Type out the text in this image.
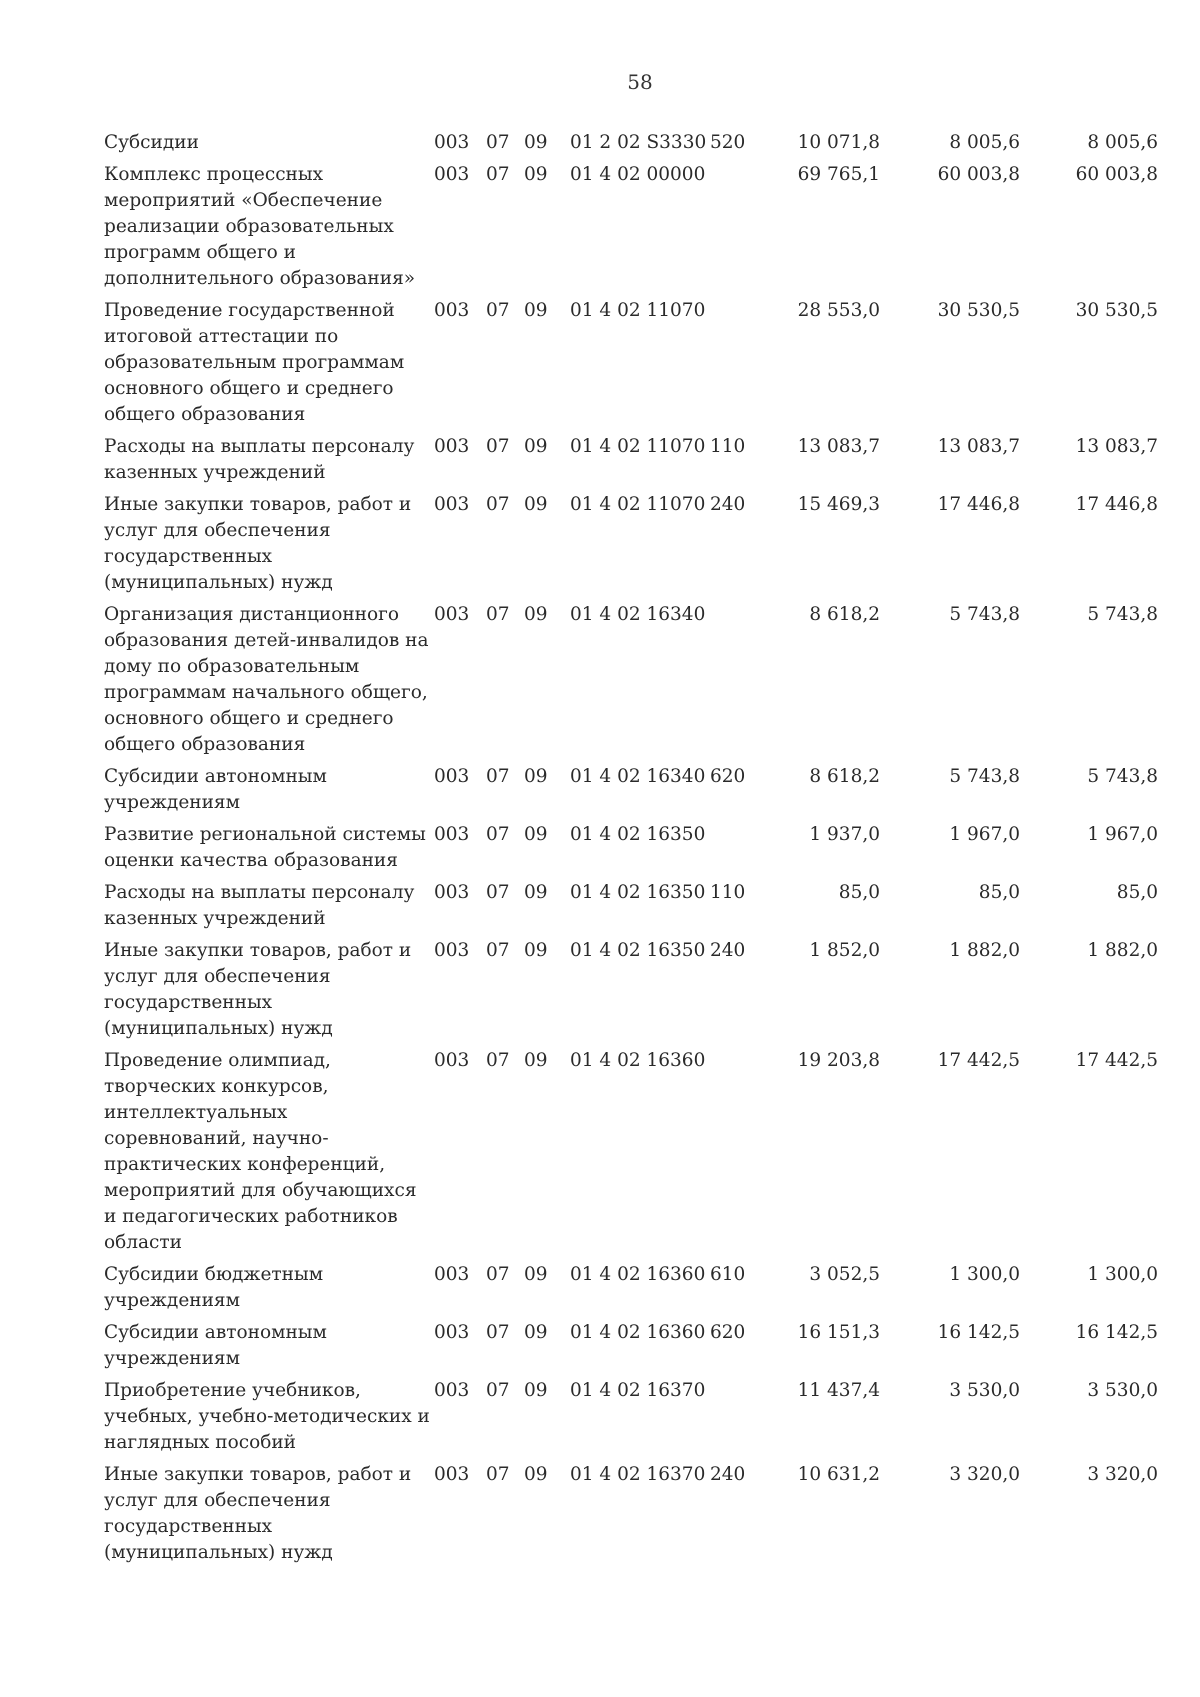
58
Субсидии	003	07	09	01 2 02 S3330	520	10 071,8	8 005,6	8 005,6
Комплекс процессных мероприятий «Обеспечение реализации образовательных программ общего и дополнительного образования»	003	07	09	01 4 02 00000		69 765,1	60 003,8	60 003,8
Проведение государственной итоговой аттестации по образовательным программам основного общего и среднего общего образования	003	07	09	01 4 02 11070		28 553,0	30 530,5	30 530,5
Расходы на выплаты персоналу казенных учреждений	003	07	09	01 4 02 11070	110	13 083,7	13 083,7	13 083,7
Иные закупки товаров, работ и услуг для обеспечения государственных (муниципальных) нужд	003	07	09	01 4 02 11070	240	15 469,3	17 446,8	17 446,8
Организация дистанционного образования детей-инвалидов на дому по образовательным программам начального общего, основного общего и среднего общего образования	003	07	09	01 4 02 16340		8 618,2	5 743,8	5 743,8
Субсидии автономным учреждениям	003	07	09	01 4 02 16340	620	8 618,2	5 743,8	5 743,8
Развитие региональной системы оценки качества образования	003	07	09	01 4 02 16350		1 937,0	1 967,0	1 967,0
Расходы на выплаты персоналу казенных учреждений	003	07	09	01 4 02 16350	110	85,0	85,0	85,0
Иные закупки товаров, работ и услуг для обеспечения государственных (муниципальных) нужд	003	07	09	01 4 02 16350	240	1 852,0	1 882,0	1 882,0
Проведение олимпиад, творческих конкурсов, интеллектуальных соревнований, научно-практических конференций, мероприятий для обучающихся и педагогических работников области	003	07	09	01 4 02 16360		19 203,8	17 442,5	17 442,5
Субсидии бюджетным учреждениям	003	07	09	01 4 02 16360	610	3 052,5	1 300,0	1 300,0
Субсидии автономным учреждениям	003	07	09	01 4 02 16360	620	16 151,3	16 142,5	16 142,5
Приобретение учебников, учебных, учебно-методических и наглядных пособий	003	07	09	01 4 02 16370		11 437,4	3 530,0	3 530,0
Иные закупки товаров, работ и услуг для обеспечения государственных (муниципальных) нужд	003	07	09	01 4 02 16370	240	10 631,2	3 320,0	3 320,0
